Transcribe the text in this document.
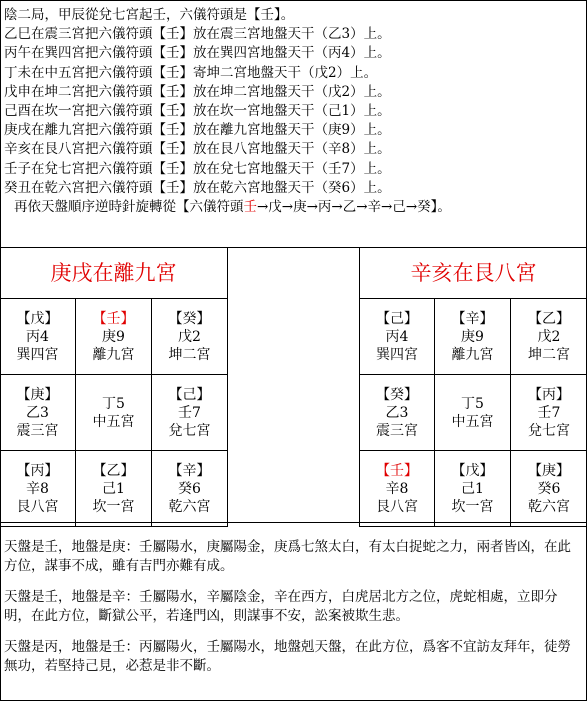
陰二局，甲辰從兌七宮起壬，六儀符頭是【壬】。
乙巳在震三宮把六儀符頭【壬】放在震三宮地盤天干（乙3）上。
丙午在巽四宮把六儀符頭【壬】放在巽四宮地盤天干（丙4）上。
丁未在中五宮把六儀符頭【壬】寄坤二宮地盤天干（戊2）上。
戊申在坤二宮把六儀符頭【壬】放在坤二宮地盤天干（戊2）上。
己酉在坎一宮把六儀符頭【壬】放在坎一宮地盤天干（己1）上。
庚戌在離九宮把六儀符頭【壬】放在離九宮地盤天干（庚9）上。
辛亥在艮八宮把六儀符頭【壬】放在艮八宮地盤天干（辛8）上。
壬子在兌七宮把六儀符頭【壬】放在兌七宮地盤天干（壬7）上。
癸丑在乾六宮把六儀符頭【壬】放在乾六宮地盤天干（癸6）上。
再依天盤順序逆時針旋轉從【六儀符頭壬→戊→庚→丙→乙→辛→己→癸】。
庚戌在離九宮
【戊】
丙4
巽四宮
【壬】
庚9
離九宮
【癸】
戊2
坤二宮
【庚】
乙3
震三宮
丁5
中五宮
【己】
壬7
兌七宮
【丙】
辛8
艮八宮
【乙】
己1
坎一宮
【辛】
癸6
乾六宮
辛亥在艮八宮
【己】
丙4
巽四宮
【辛】
庚9
離九宮
【乙】
戊2
坤二宮
【癸】
乙3
震三宮
丁5
中五宮
【丙】
壬7
兌七宮
【壬】
辛8
艮八宮
【戊】
己1
坎一宮
【庚】
癸6
乾六宮

天盤是壬，地盤是庚：壬屬陽水，庚屬陽金，庚爲七煞太白，有太白捉蛇之力，兩者皆凶，在此方位，謀事不成，雖有吉門亦難有成。

天盤是壬，地盤是辛：壬屬陽水，辛屬陰金，辛在西方，白虎居北方之位，虎蛇相處，立即分明，在此方位，斷獄公平，若逢門凶，則謀事不安，訟案被欺生悲。

天盤是丙，地盤是壬：丙屬陽火，壬屬陽水，地盤剋天盤，在此方位，爲客不宜訪友拜年，徒勞無功，若堅持己見，必惹是非不斷。
